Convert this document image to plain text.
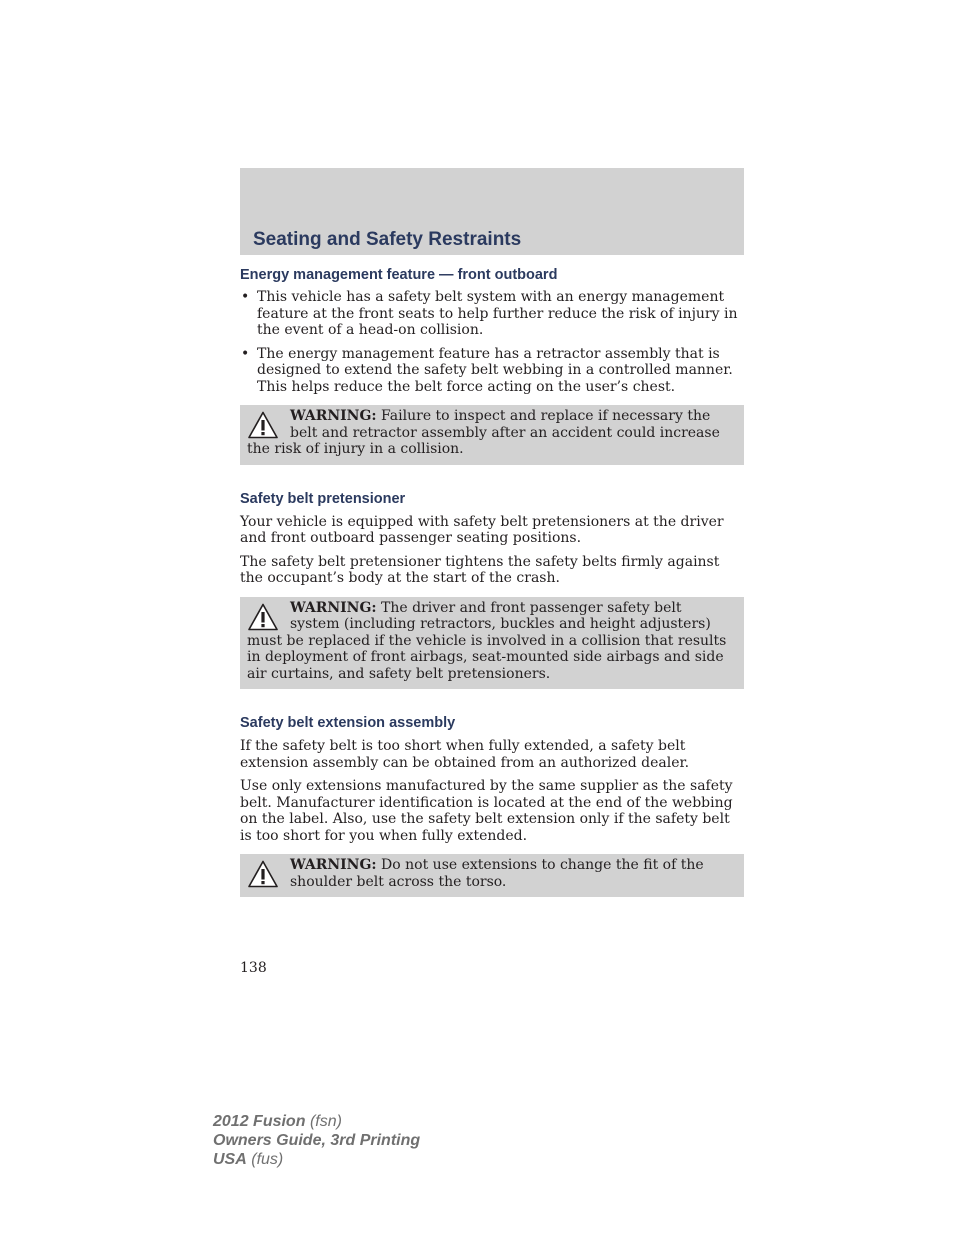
Seating and Safety Restraints
Energy management feature — front outboard
• This vehicle has a safety belt system with an energy management feature at the front seats to help further reduce the risk of injury in the event of a head-on collision.
• The energy management feature has a retractor assembly that is designed to extend the safety belt webbing in a controlled manner. This helps reduce the belt force acting on the user’s chest.
WARNING: Failure to inspect and replace if necessary the belt and retractor assembly after an accident could increase the risk of injury in a collision.
Safety belt pretensioner

Your vehicle is equipped with safety belt pretensioners at the driver and front outboard passenger seating positions.

The safety belt pretensioner tightens the safety belts firmly against the occupant’s body at the start of the crash.

WARNING: The driver and front passenger safety belt system (including retractors, buckles and height adjusters) must be replaced if the vehicle is involved in a collision that results in deployment of front airbags, seat-mounted side airbags and side air curtains, and safety belt pretensioners.
Safety belt extension assembly

If the safety belt is too short when fully extended, a safety belt extension assembly can be obtained from an authorized dealer.

Use only extensions manufactured by the same supplier as the safety belt. Manufacturer identification is located at the end of the webbing on the label. Also, use the safety belt extension only if the safety belt is too short for you when fully extended.

WARNING: Do not use extensions to change the fit of the shoulder belt across the torso.
138
2012 Fusion (fsn)
Owners Guide, 3rd Printing
USA (fus)
